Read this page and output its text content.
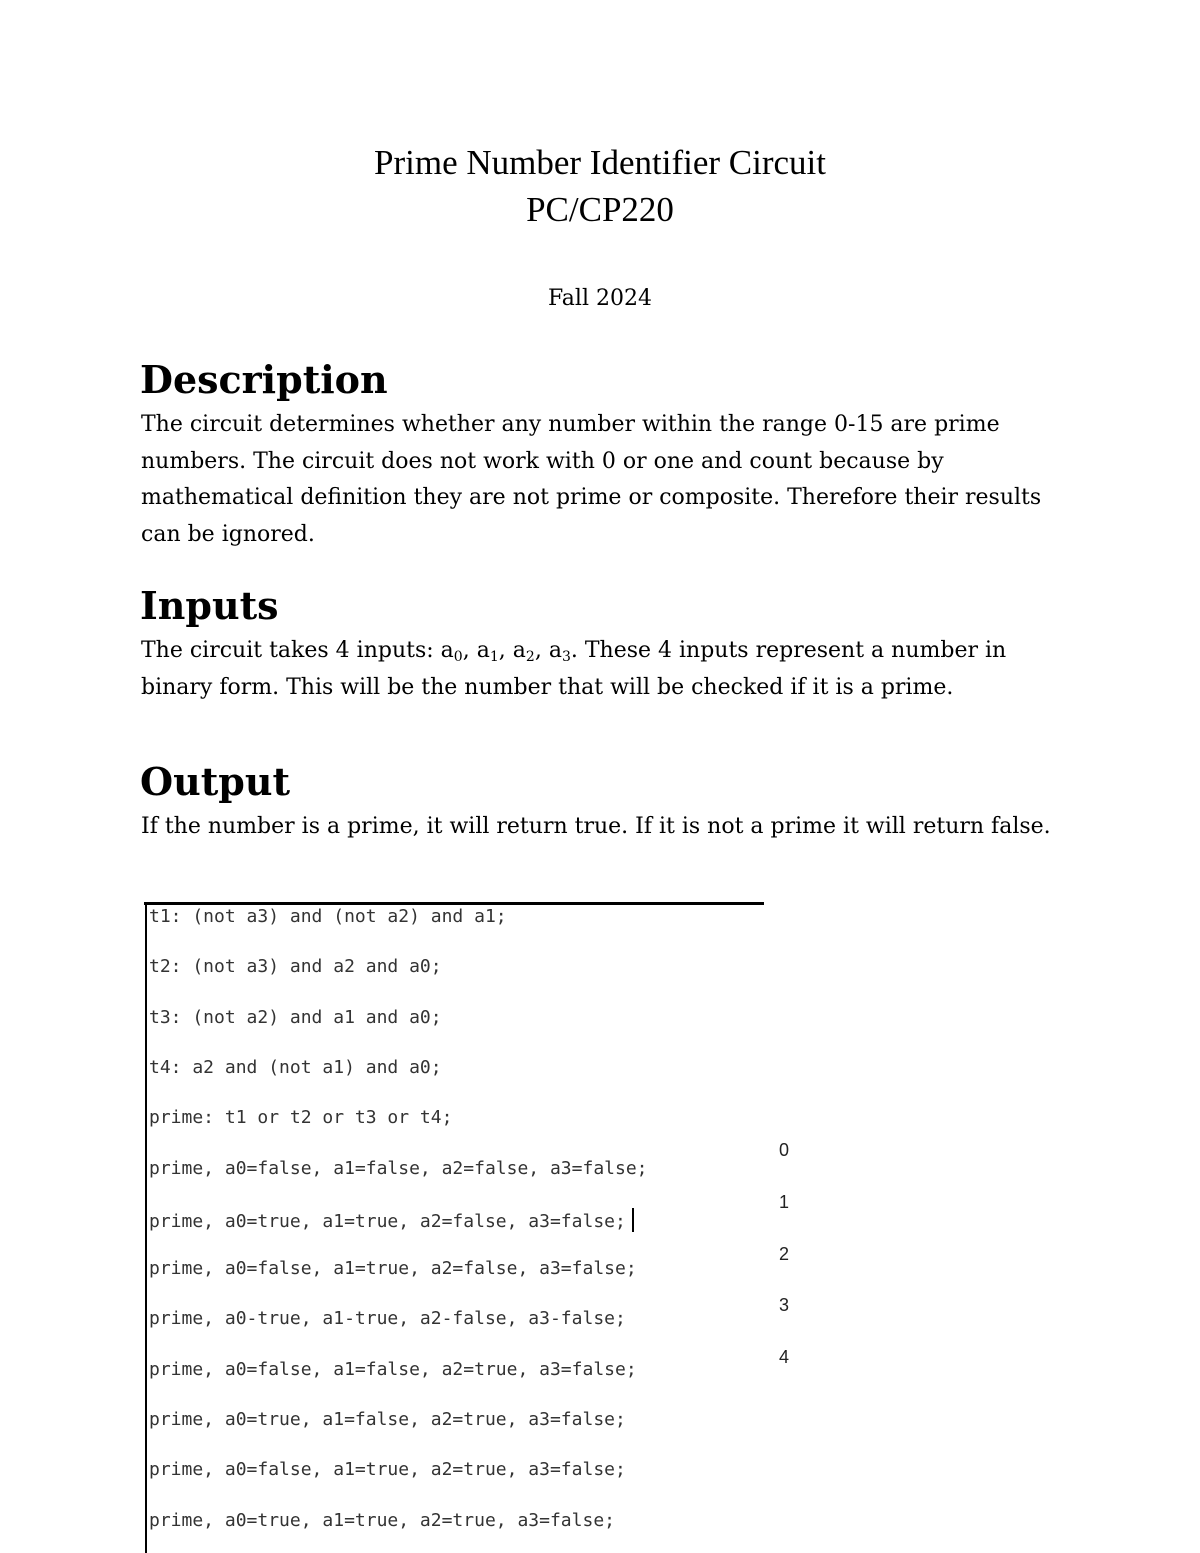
Prime Number Identifier Circuit
PC/CP220
Fall 2024
Description
The circuit determines whether any number within the range 0-15 are prime numbers. The circuit does not work with 0 or one and count because by mathematical definition they are not prime or composite. Therefore their results can be ignored.
Inputs
The circuit takes 4 inputs: $a_0$, $a_1$, $a_2$, $a_3$. These 4 inputs represent a number in binary form. This will be the number that will be checked if it is a prime.
Output
If the number is a prime, it will return true. If it is not a prime it will return false.
t1: (not a3) and (not a2) and a1;
t2: (not a3) and a2 and a0;
t3: (not a2) and a1 and a0;
t4: a2 and (not a1) and a0;
prime: t1 or t2 or t3 or t4;
prime, a0=false, a1=false, a2=false, a3=false;
prime, a0=true, a1=true, a2=false, a3=false;
prime, a0=false, a1=true, a2=false, a3=false;
prime, a0-true, a1-true, a2-false, a3-false;
prime, a0=false, a1=false, a2=true, a3=false;
prime, a0=true, a1=false, a2=true, a3=false;
prime, a0=false, a1=true, a2=true, a3=false;
prime, a0=true, a1=true, a2=true, a3=false;
0
1
2
3
4
